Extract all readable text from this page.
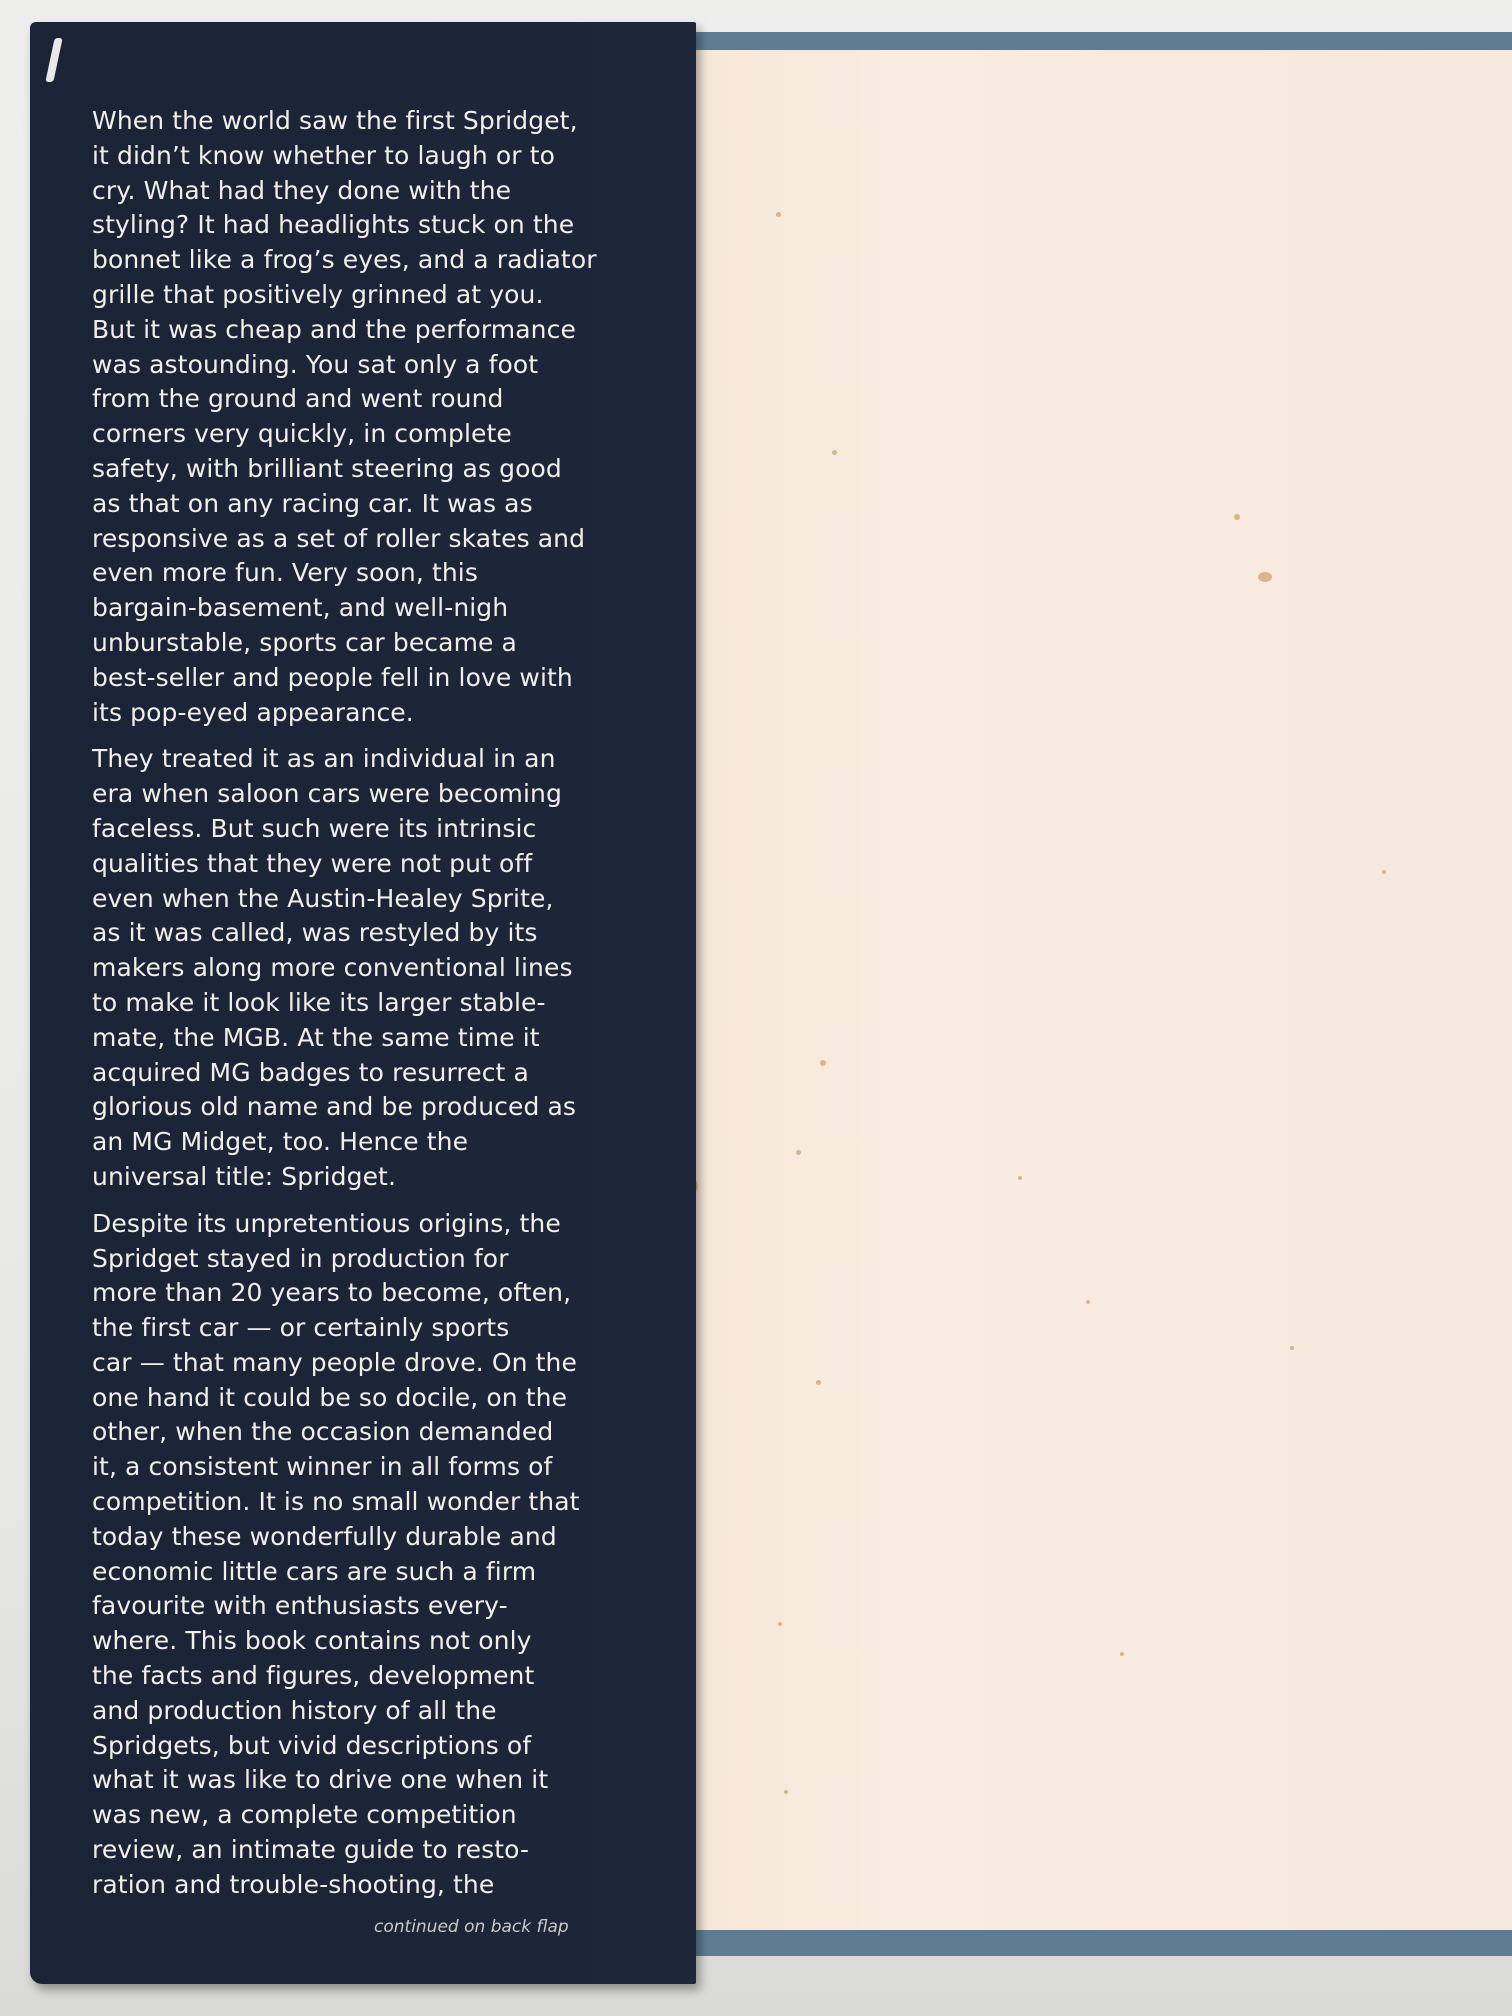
When the world saw the first Spridget,
it didn’t know whether to laugh or to
cry. What had they done with the
styling? It had headlights stuck on the
bonnet like a frog’s eyes, and a radiator
grille that positively grinned at you.
But it was cheap and the performance
was astounding. You sat only a foot
from the ground and went round
corners very quickly, in complete
safety, with brilliant steering as good
as that on any racing car. It was as
responsive as a set of roller skates and
even more fun. Very soon, this
bargain-basement, and well-nigh
unburstable, sports car became a
best-seller and people fell in love with
its pop-eyed appearance.

They treated it as an individual in an
era when saloon cars were becoming
faceless. But such were its intrinsic
qualities that they were not put off
even when the Austin-Healey Sprite,
as it was called, was restyled by its
makers along more conventional lines
to make it look like its larger stable-
mate, the MGB. At the same time it
acquired MG badges to resurrect a
glorious old name and be produced as
an MG Midget, too. Hence the
universal title: Spridget.

Despite its unpretentious origins, the
Spridget stayed in production for
more than 20 years to become, often,
the first car — or certainly sports
car — that many people drove. On the
one hand it could be so docile, on the
other, when the occasion demanded
it, a consistent winner in all forms of
competition. It is no small wonder that
today these wonderfully durable and
economic little cars are such a firm
favourite with enthusiasts every-
where. This book contains not only
the facts and figures, development
and production history of all the
Spridgets, but vivid descriptions of
what it was like to drive one when it
was new, a complete competition
review, an intimate guide to resto-
ration and trouble-shooting, the

continued on back flap
